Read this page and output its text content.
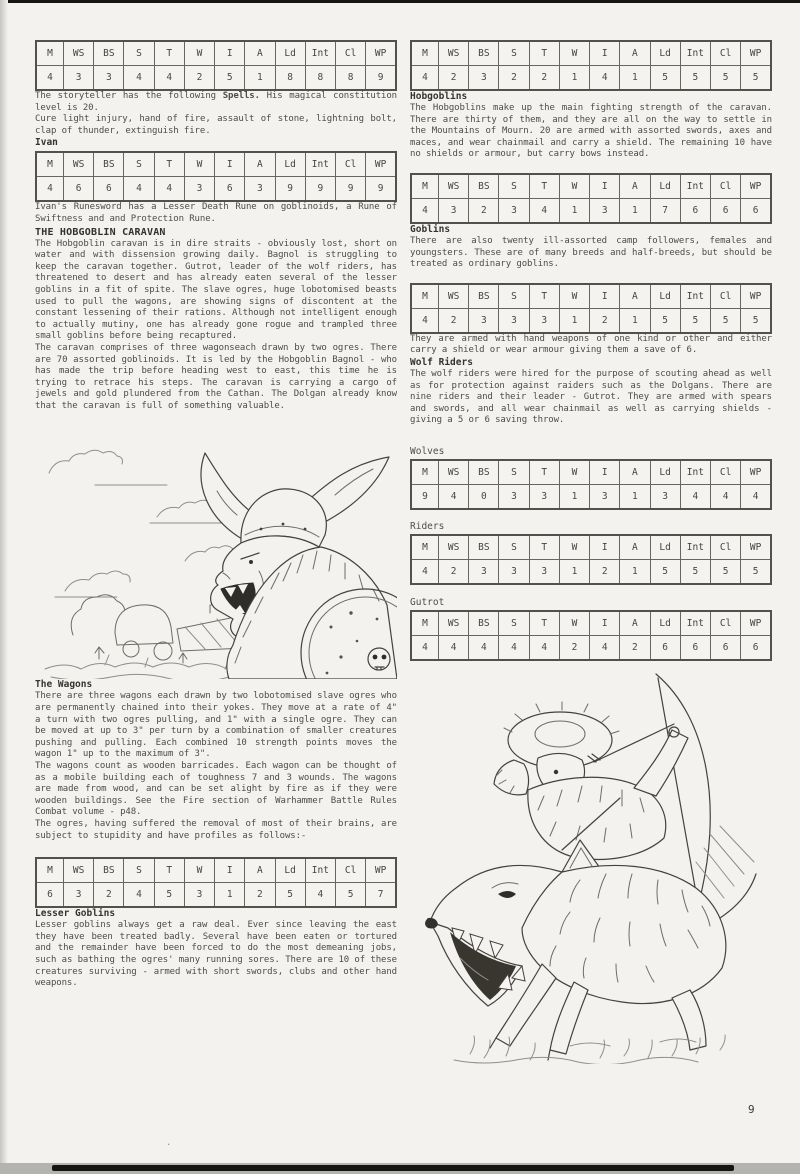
M	WS	BS	S	T	W	I	A	Ld	Int	Cl	WP
4	3	3	4	4	2	5	1	8	8	8	9

The storyteller has the following Spells. His magical constitution level is 20.

Cure light injury, hand of fire, assault of stone, lightning bolt, clap of thunder, extinguish fire.

Ivan
M	WS	BS	S	T	W	I	A	Ld	Int	Cl	WP
4	6	6	4	4	3	6	3	9	9	9	9

Ivan's Runesword has a Lesser Death Rune on goblinoids, a Rune of Swiftness and and Protection Rune.

THE HOBGOBLIN CARAVAN

The Hobgoblin caravan is in dire straits - obviously lost, short on water and with dissension growing daily. Bagnol is struggling to keep the caravan together. Gutrot, leader of the wolf riders, has threatened to desert and has already eaten several of the lesser goblins in a fit of spite. The slave ogres, huge lobotomised beasts used to pull the wagons, are showing signs of discontent at the constant lessening of their rations. Although not intelligent enough to actually mutiny, one has already gone rogue and trampled three small goblins before being recaptured.

The caravan comprises of three wagonseach drawn by two ogres. There are 70 assorted goblinoids. It is led by the Hobgoblin Bagnol - who has made the trip before heading west to east, this time he is trying to retrace his steps. The caravan is carrying a cargo of jewels and gold plundered from the Cathan. The Dolgan already know that the caravan is full of something valuable.

The Wagons

There are three wagons each drawn by two lobotomised slave ogres who are permanently chained into their yokes. They move at a rate of 4" a turn with two ogres pulling, and 1" with a single ogre. They can be moved at up to 3" per turn by a combination of smaller creatures pushing and pulling. Each combined 10 strength points moves the wagon 1" up to the maximum of 3".

The wagons count as wooden barricades. Each wagon can be thought of as a mobile building each of toughness 7 and 3 wounds. The wagons are made from wood, and can be set alight by fire as if they were wooden buildings. See the Fire section of Warhammer Battle Rules Combat volume - p48.

The ogres, having suffered the removal of most of their brains, are subject to stupidity and have profiles as follows:-

M	WS	BS	S	T	W	I	A	Ld	Int	Cl	WP
6	3	2	4	5	3	1	2	5	4	5	7
Lesser Goblins

Lesser goblins always get a raw deal. Ever since leaving the east they have been treated badly. Several have been eaten or tortured and the remainder have been forced to do the most demeaning jobs, such as bathing the ogres' many running sores. There are 10 of these creatures surviving - armed with short swords, clubs and other hand weapons.

M	WS	BS	S	T	W	I	A	Ld	Int	Cl	WP
4	2	3	2	2	1	4	1	5	5	5	5
Hobgoblins

The Hobgoblins make up the main fighting strength of the caravan. There are thirty of them, and they are all on the way to settle in the Mountains of Mourn. 20 are armed with assorted swords, axes and maces, and wear chainmail and carry a shield. The remaining 10 have no shields or armour, but carry bows instead.

M	WS	BS	S	T	W	I	A	Ld	Int	Cl	WP
4	3	2	3	4	1	3	1	7	6	6	6
Goblins

There are also twenty ill-assorted camp followers, females and youngsters. These are of many breeds and half-breeds, but should be treated as ordinary goblins.

M	WS	BS	S	T	W	I	A	Ld	Int	Cl	WP
4	2	3	3	3	1	2	1	5	5	5	5

They are armed with hand weapons of one kind or other and either carry a shield or wear armour giving them a save of 6.

Wolf Riders

The wolf riders were hired for the purpose of scouting ahead as well as for protection against raiders such as the Dolgans. There are nine riders and their leader - Gutrot. They are armed with spears and swords, and all wear chainmail as well as carrying shields - giving a 5 or 6 saving throw.

Wolves

M	WS	BS	S	T	W	I	A	Ld	Int	Cl	WP
9	4	0	3	3	1	3	1	3	4	4	4

Riders

M	WS	BS	S	T	W	I	A	Ld	Int	Cl	WP
4	2	3	3	3	1	2	1	5	5	5	5

Gutrot

M	WS	BS	S	T	W	I	A	Ld	Int	Cl	WP
4	4	4	4	4	2	4	2	6	6	6	6
9
.
